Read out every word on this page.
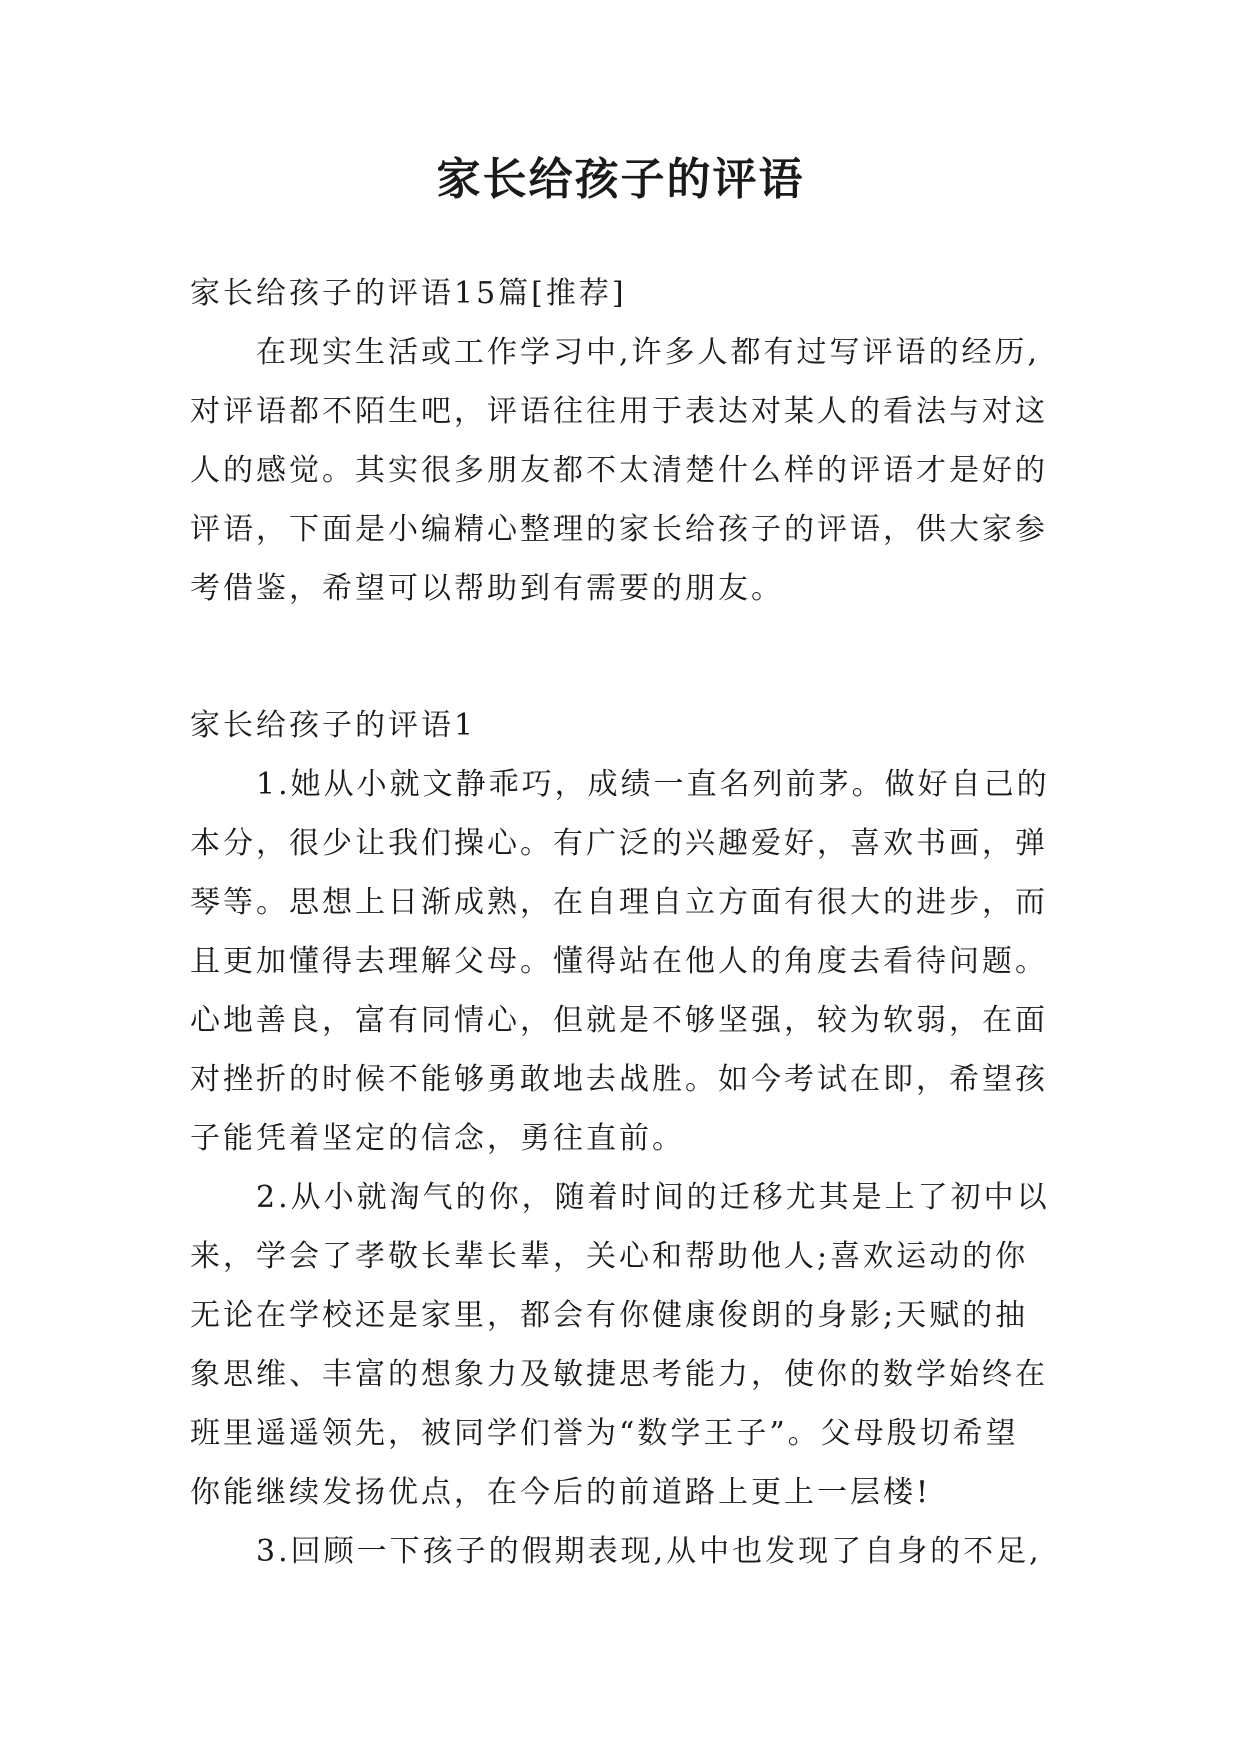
家长给孩子的评语
家长给孩子的评语15篇[推荐]
在现实生活或工作学习中,许多人都有过写评语的经历,
对评语都不陌生吧，评语往往用于表达对某人的看法与对这
人的感觉。其实很多朋友都不太清楚什么样的评语才是好的
评语，下面是小编精心整理的家长给孩子的评语，供大家参
考借鉴，希望可以帮助到有需要的朋友。
家长给孩子的评语1
1.她从小就文静乖巧，成绩一直名列前茅。做好自己的
本分，很少让我们操心。有广泛的兴趣爱好，喜欢书画，弹
琴等。思想上日渐成熟，在自理自立方面有很大的进步，而
且更加懂得去理解父母。懂得站在他人的角度去看待问题。
心地善良，富有同情心，但就是不够坚强，较为软弱，在面
对挫折的时候不能够勇敢地去战胜。如今考试在即，希望孩
子能凭着坚定的信念，勇往直前。
2.从小就淘气的你，随着时间的迁移尤其是上了初中以
来，学会了孝敬长辈长辈，关心和帮助他人;喜欢运动的你
无论在学校还是家里，都会有你健康俊朗的身影;天赋的抽
象思维、丰富的想象力及敏捷思考能力，使你的数学始终在
班里遥遥领先，被同学们誉为“数学王子”。父母殷切希望
你能继续发扬优点，在今后的前道路上更上一层楼!
3.回顾一下孩子的假期表现,从中也发现了自身的不足,
